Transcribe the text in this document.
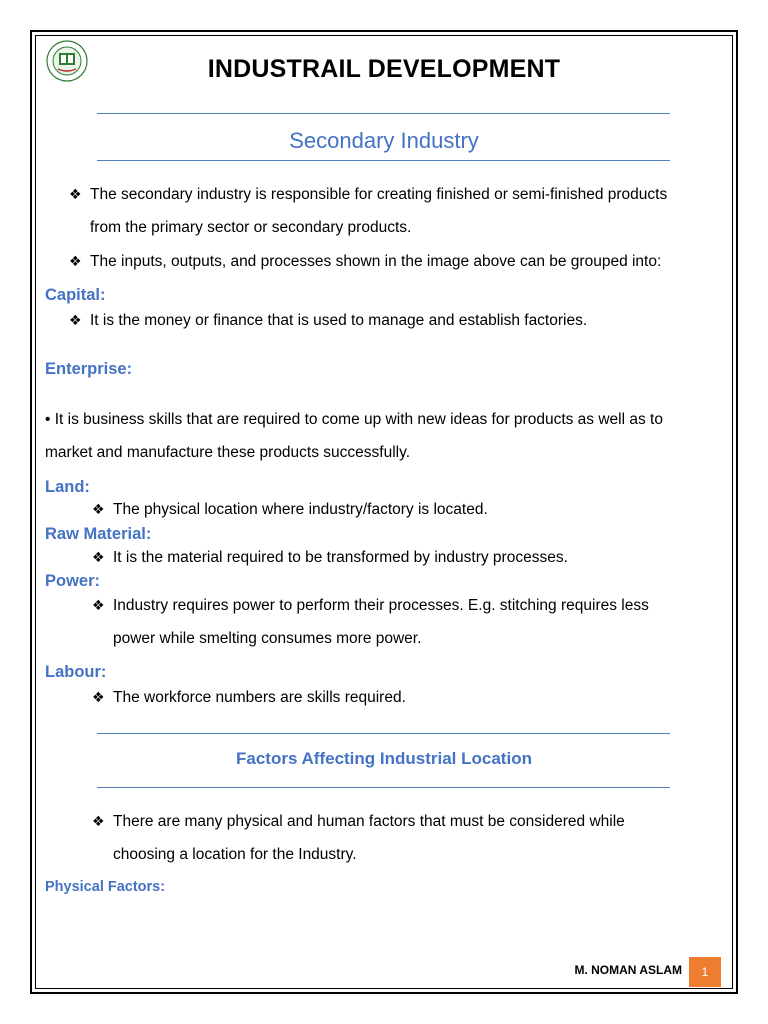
INDUSTRAIL DEVELOPMENT
Secondary Industry
❖ The secondary industry is responsible for creating finished or semi-finished products
from the primary sector or secondary products.
❖ The inputs, outputs, and processes shown in the image above can be grouped into:
Capital:
❖ It is the money or finance that is used to manage and establish factories.
Enterprise:
• It is business skills that are required to come up with new ideas for products as well as to
market and manufacture these products successfully.
Land:
❖ The physical location where industry/factory is located.
Raw Material:
❖ It is the material required to be transformed by industry processes.
Power:
❖ Industry requires power to perform their processes. E.g. stitching requires less
power while smelting consumes more power.
Labour:
❖ The workforce numbers are skills required.
Factors Affecting Industrial Location
❖ There are many physical and human factors that must be considered while
choosing a location for the Industry.
Physical Factors:
M. NOMAN ASLAM	1
